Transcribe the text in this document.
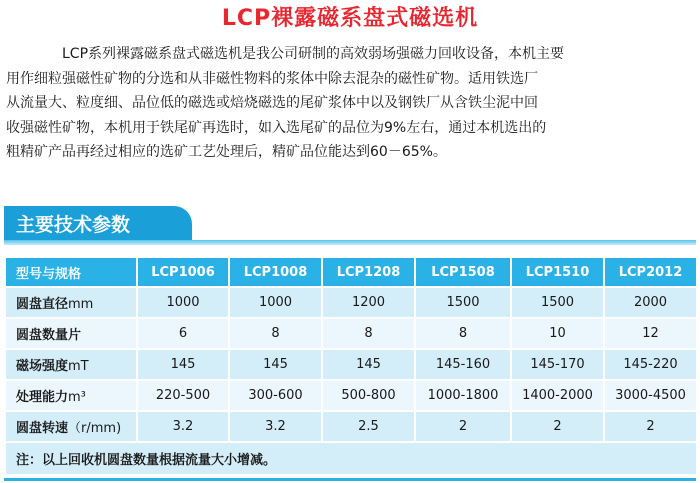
LCP裸露磁系盘式磁选机
LCP系列裸露磁系盘式磁选机是我公司研制的高效弱场强磁力回收设备，本机主要
用作细粒强磁性矿物的分选和从非磁性物料的浆体中除去混杂的磁性矿物。适用铁选厂
从流量大、粒度细、品位低的磁选或焙烧磁选的尾矿浆体中以及钢铁厂从含铁尘泥中回
收强磁性矿物，本机用于铁尾矿再选时，如入选尾矿的品位为9%左右，通过本机选出的
粗精矿产品再经过相应的选矿工艺处理后，精矿品位能达到60－65%。
主要技术参数
型号与规格	LCP1006	LCP1008	LCP1208	LCP1508	LCP1510	LCP2012
圆盘直径mm	1000	1000	1200	1500	1500	2000
圆盘数量片	6	8	8	8	10	12
磁场强度mT	145	145	145	145-160	145-170	145-220
处理能力m³	220-500	300-600	500-800	1000-1800	1400-2000	3000-4500
圆盘转速（r/mm)	3.2	3.2	2.5	2	2	2
注：以上回收机圆盘数量根据流量大小增减。						
